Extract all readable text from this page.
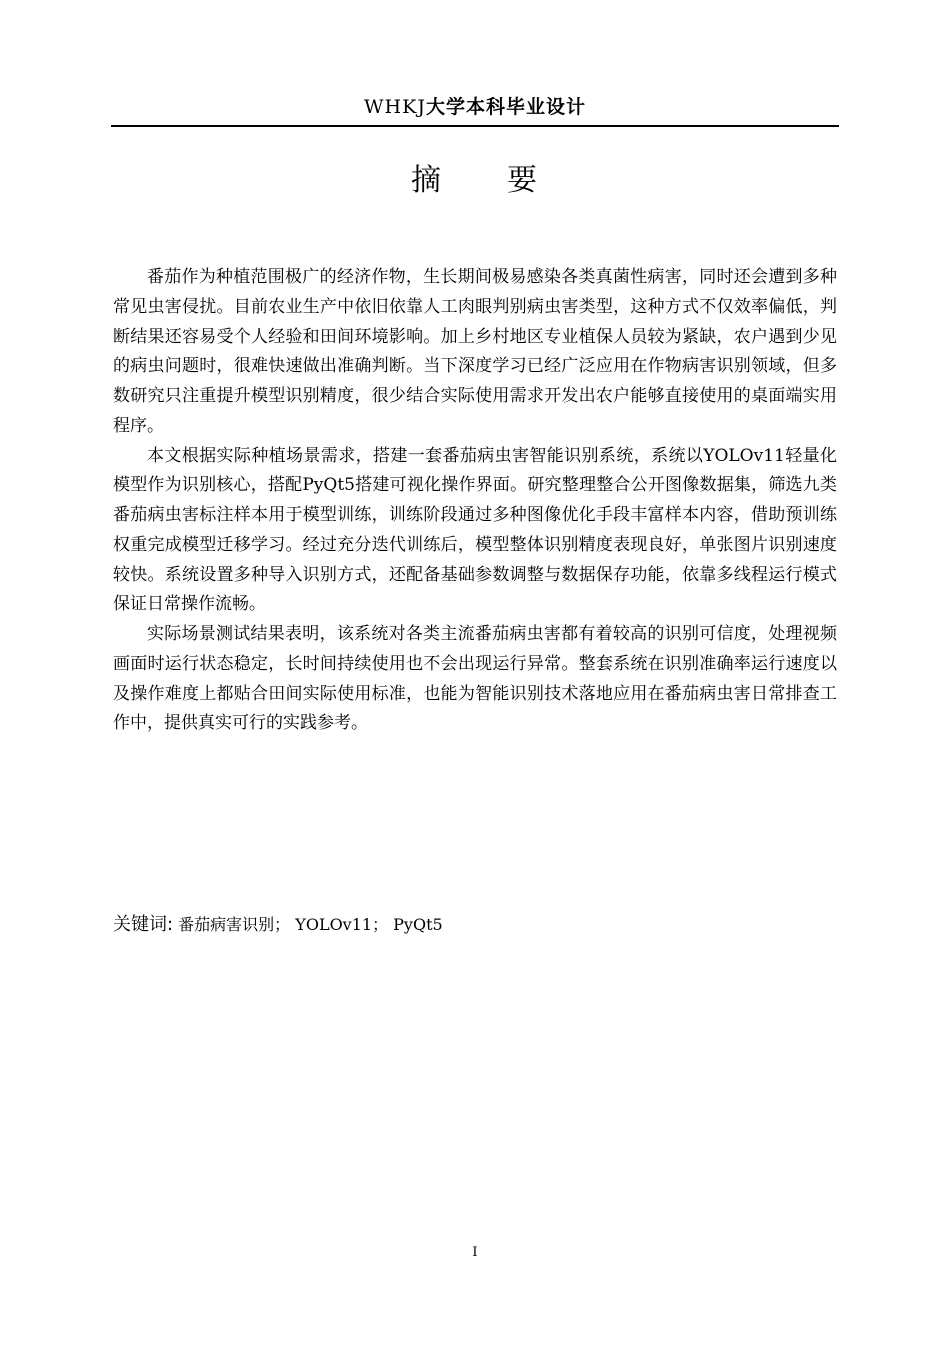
WHKJ大学本科毕业设计
摘　　要

番茄作为种植范围极广的经济作物，生长期间极易感染各类真菌性病害，同时还会遭到多种常见虫害侵扰。目前农业生产中依旧依靠人工肉眼判别病虫害类型，这种方式不仅效率偏低，判断结果还容易受个人经验和田间环境影响。加上乡村地区专业植保人员较为紧缺，农户遇到少见的病虫问题时，很难快速做出准确判断。当下深度学习已经广泛应用在作物病害识别领域，但多数研究只注重提升模型识别精度，很少结合实际使用需求开发出农户能够直接使用的桌面端实用程序。

本文根据实际种植场景需求，搭建一套番茄病虫害智能识别系统，系统以YOLOv11轻量化模型作为识别核心，搭配PyQt5搭建可视化操作界面。研究整理整合公开图像数据集，筛选九类番茄病虫害标注样本用于模型训练，训练阶段通过多种图像优化手段丰富样本内容，借助预训练权重完成模型迁移学习。经过充分迭代训练后，模型整体识别精度表现良好，单张图片识别速度较快。系统设置多种导入识别方式，还配备基础参数调整与数据保存功能，依靠多线程运行模式保证日常操作流畅。

实际场景测试结果表明，该系统对各类主流番茄病虫害都有着较高的识别可信度，处理视频画面时运行状态稳定，长时间持续使用也不会出现运行异常。整套系统在识别准确率运行速度以及操作难度上都贴合田间实际使用标准，也能为智能识别技术落地应用在番茄病虫害日常排查工作中，提供真实可行的实践参考。

关键词: 番茄病害识别； YOLOv11； PyQt5
I
